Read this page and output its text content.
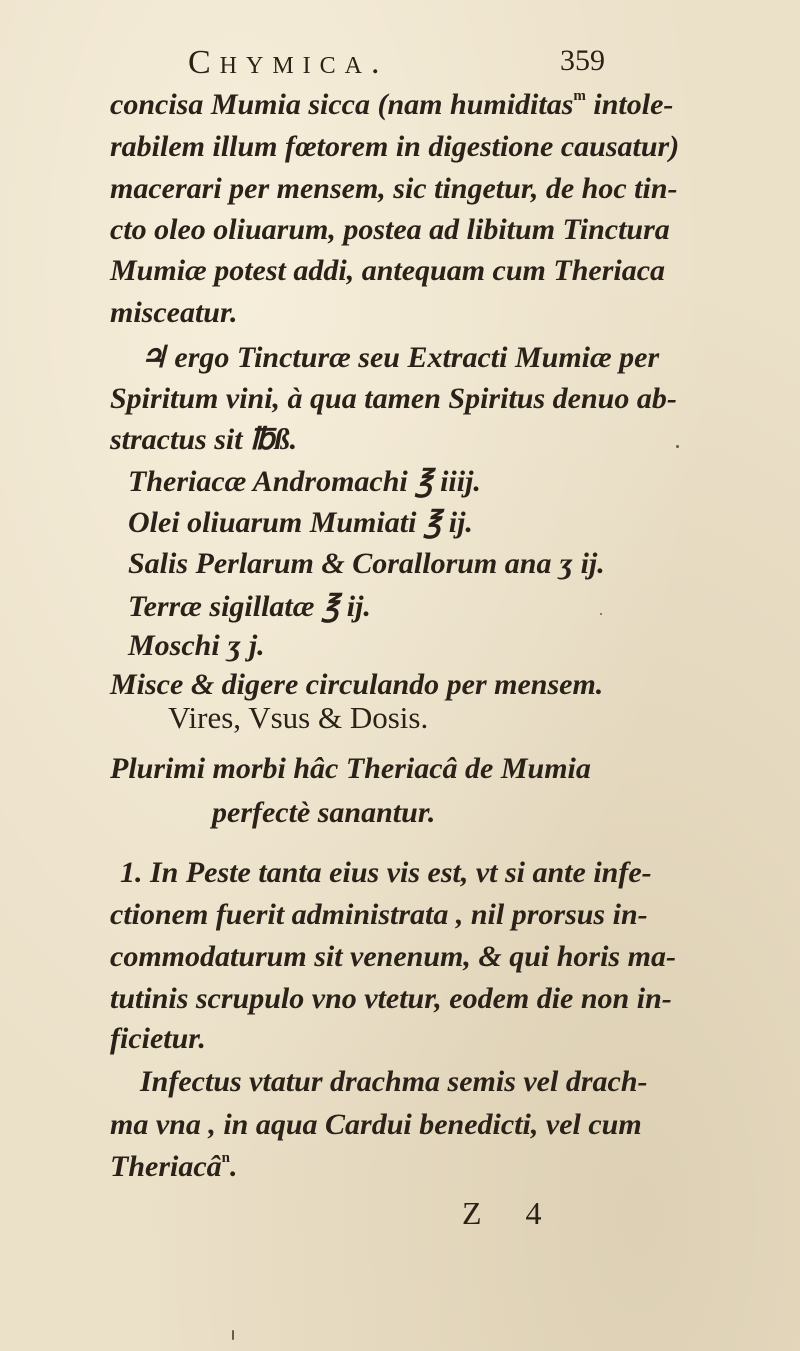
Chymica.	359
concisa Mumia sicca (nam humiditas$^m$ intole-
rabilem illum fœtorem in digestione causatur)
macerari per mensem, sic tingetur, de hoc tin-
cto oleo oliuarum, postea ad libitum Tinctura
Mumiæ potest addi, antequam cum Theriaca
misceatur.
♃ ergo Tincturæ seu Extracti Mumiæ per
Spiritum vini, à qua tamen Spiritus denuo ab-
stractus sit ℔ß.
Theriacæ Andromachi ℥ iiij.
Olei oliuarum Mumiati ℥ ij.
Salis Perlarum & Corallorum ana ʒ ij.
Terræ sigillatæ ℥ ij.
Moschi ʒ j.
Misce & digere circulando per mensem.
Vires, Vsus & Dosis.
Plurimi morbi hâc Theriacâ de Mumia
perfectè sanantur.
1. In Peste tanta eius vis est, vt si ante infe-
ctionem fuerit administrata , nil prorsus in-
commodaturum sit venenum, & qui horis ma-
tutinis scrupulo vno vtetur, eodem die non in-
ficietur.
Infectus vtatur drachma semis vel drach-
ma vna , in aqua Cardui benedicti, vel cum
Theriacâ$^n$.
Z 4
